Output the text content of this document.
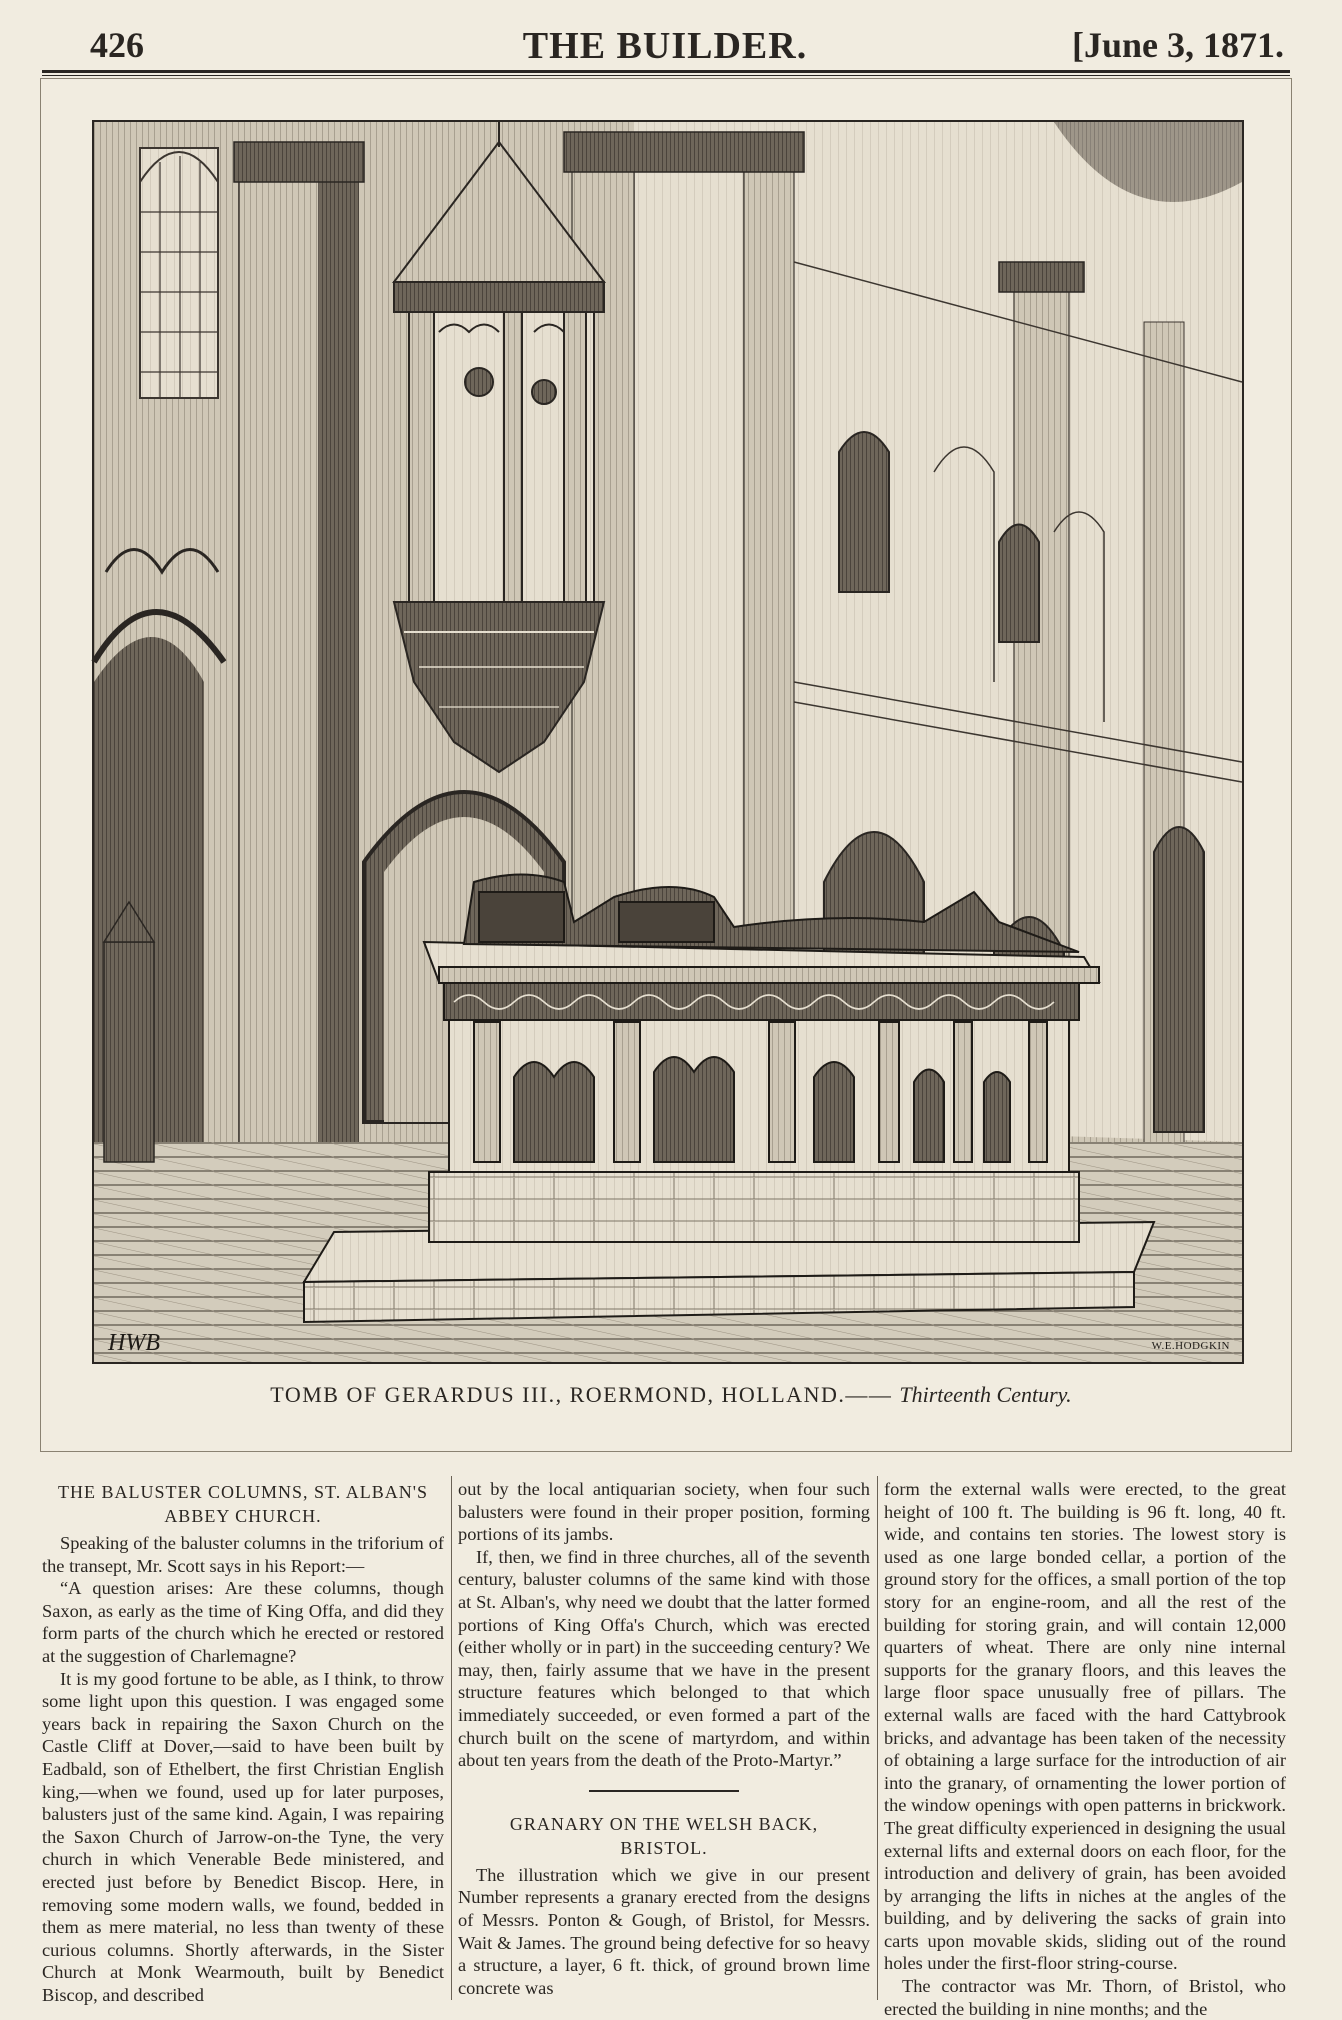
426	THE BUILDER.	[June 3, 1871.
HWB	W.E.HODGKIN
TOMB OF GERARDUS III., ROERMOND, HOLLAND.—— Thirteenth Century.
THE BALUSTER COLUMNS, ST. ALBAN'S ABBEY CHURCH.

Speaking of the baluster columns in the triforium of the transept, Mr. Scott says in his Report:—

“A question arises: Are these columns, though Saxon, as early as the time of King Offa, and did they form parts of the church which he erected or restored at the suggestion of Charlemagne?

It is my good fortune to be able, as I think, to throw some light upon this question. I was engaged some years back in repairing the Saxon Church on the Castle Cliff at Dover,—said to have been built by Eadbald, son of Ethelbert, the first Christian English king,—when we found, used up for later purposes, balusters just of the same kind. Again, I was repairing the Saxon Church of Jarrow-on-the Tyne, the very church in which Venerable Bede ministered, and erected just before by Benedict Biscop. Here, in removing some modern walls, we found, bedded in them as mere material, no less than twenty of these curious columns. Shortly afterwards, in the Sister Church at Monk Wearmouth, built by Benedict Biscop, and described

out by the local antiquarian society, when four such balusters were found in their proper position, forming portions of its jambs.

If, then, we find in three churches, all of the seventh century, baluster columns of the same kind with those at St. Alban's, why need we doubt that the latter formed portions of King Offa's Church, which was erected (either wholly or in part) in the succeeding century? We may, then, fairly assume that we have in the present structure features which belonged to that which immediately succeeded, or even formed a part of the church built on the scene of martyrdom, and within about ten years from the death of the Proto-Martyr.”

GRANARY ON THE WELSH BACK,
BRISTOL.

The illustration which we give in our present Number represents a granary erected from the designs of Messrs. Ponton & Gough, of Bristol, for Messrs. Wait & James. The ground being defective for so heavy a structure, a layer, 6 ft. thick, of ground brown lime concrete was

form the external walls were erected, to the great height of 100 ft. The building is 96 ft. long, 40 ft. wide, and contains ten stories. The lowest story is used as one large bonded cellar, a portion of the ground story for the offices, a small portion of the top story for an engine-room, and all the rest of the building for storing grain, and will contain 12,000 quarters of wheat. There are only nine internal supports for the granary floors, and this leaves the large floor space unusually free of pillars. The external walls are faced with the hard Cattybrook bricks, and advantage has been taken of the necessity of obtaining a large surface for the introduction of air into the granary, of ornamenting the lower portion of the window openings with open patterns in brickwork. The great difficulty experienced in designing the usual external lifts and external doors on each floor, for the introduction and delivery of grain, has been avoided by arranging the lifts in niches at the angles of the building, and by delivering the sacks of grain into carts upon movable skids, sliding out of the round holes under the first-floor string-course.

The contractor was Mr. Thorn, of Bristol, who erected the building in nine months; and the
